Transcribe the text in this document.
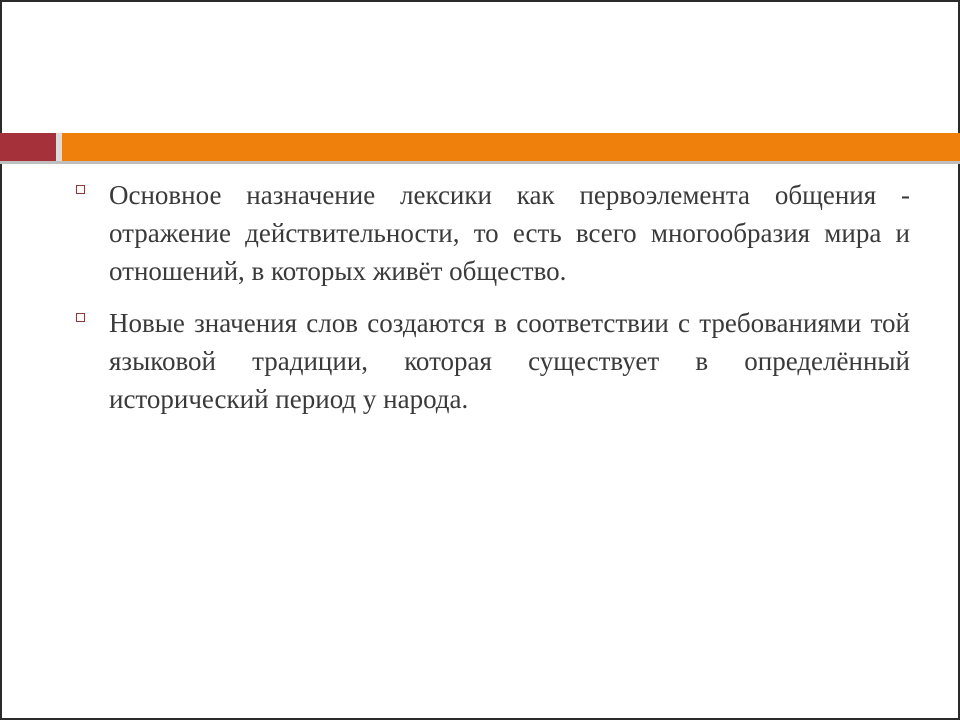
Основное назначение лексики как первоэлемента общения - отражение действительности, то есть всего многообразия мира и отношений, в которых живёт общество.
Новые значения слов создаются в соответствии с требованиями той языковой традиции, которая существует в определённый исторический период у народа.
